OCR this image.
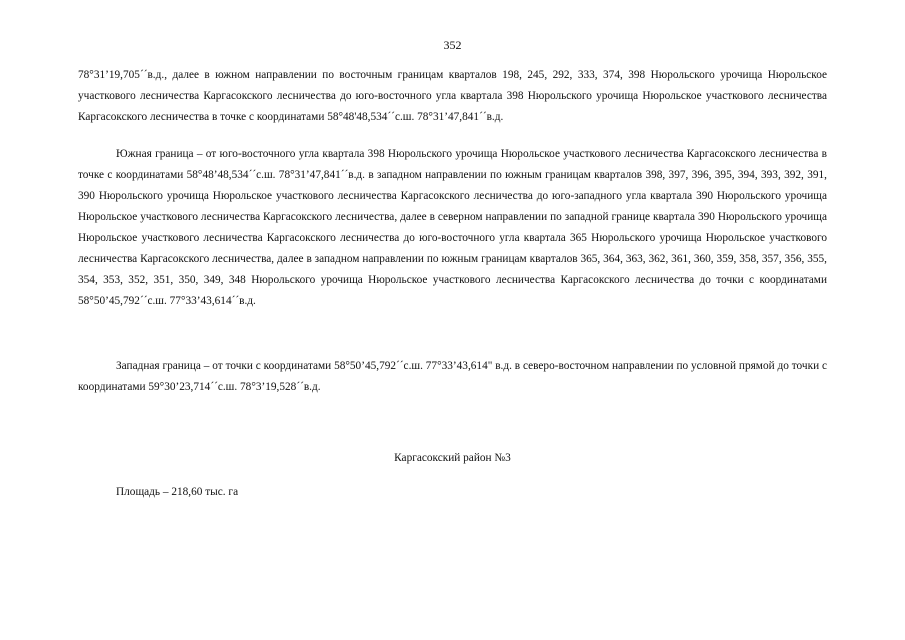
352

78°31’19,705´´в.д., далее в южном направлении по восточным границам кварталов 198, 245, 292, 333, 374, 398 Нюрольского урочища Нюрольское участкового лесничества Каргасокского лесничества до юго-восточного угла квартала 398 Нюрольского урочища Нюрольское участкового лесничества Каргасокского лесничества в точке с координатами 58°48'48,534´´с.ш. 78°31’47,841´´в.д.

Южная граница – от юго-восточного угла квартала 398 Нюрольского урочища Нюрольское участкового лесничества Каргасокского лесничества в точке с координатами 58°48’48,534´´с.ш. 78°31’47,841´´в.д. в западном направлении по южным границам кварталов 398, 397, 396, 395, 394, 393, 392, 391, 390 Нюрольского урочища Нюрольское участкового лесничества Каргасокского лесничества до юго-западного угла квартала 390 Нюрольского урочища Нюрольское участкового лесничества Каргасокского лесничества, далее в северном направлении по западной границе квартала 390 Нюрольского урочища Нюрольское участкового лесничества Каргасокского лесничества до юго-восточного угла квартала 365 Нюрольского урочища Нюрольское участкового лесничества Каргасокского лесничества, далее в западном направлении по южным границам кварталов 365, 364, 363, 362, 361, 360, 359, 358, 357, 356, 355, 354, 353, 352, 351, 350, 349, 348 Нюрольского урочища Нюрольское участкового лесничества Каргасокского лесничества до точки с координатами 58°50’45,792´´с.ш. 77°33’43,614´´в.д.

Западная граница – от точки с координатами 58°50’45,792´´с.ш. 77°33’43,614" в.д. в северо-восточном направлении по условной прямой до точки с координатами 59°30’23,714´´с.ш. 78°3’19,528´´в.д.

Каргасокский район №3
Площадь – 218,60 тыс. га
